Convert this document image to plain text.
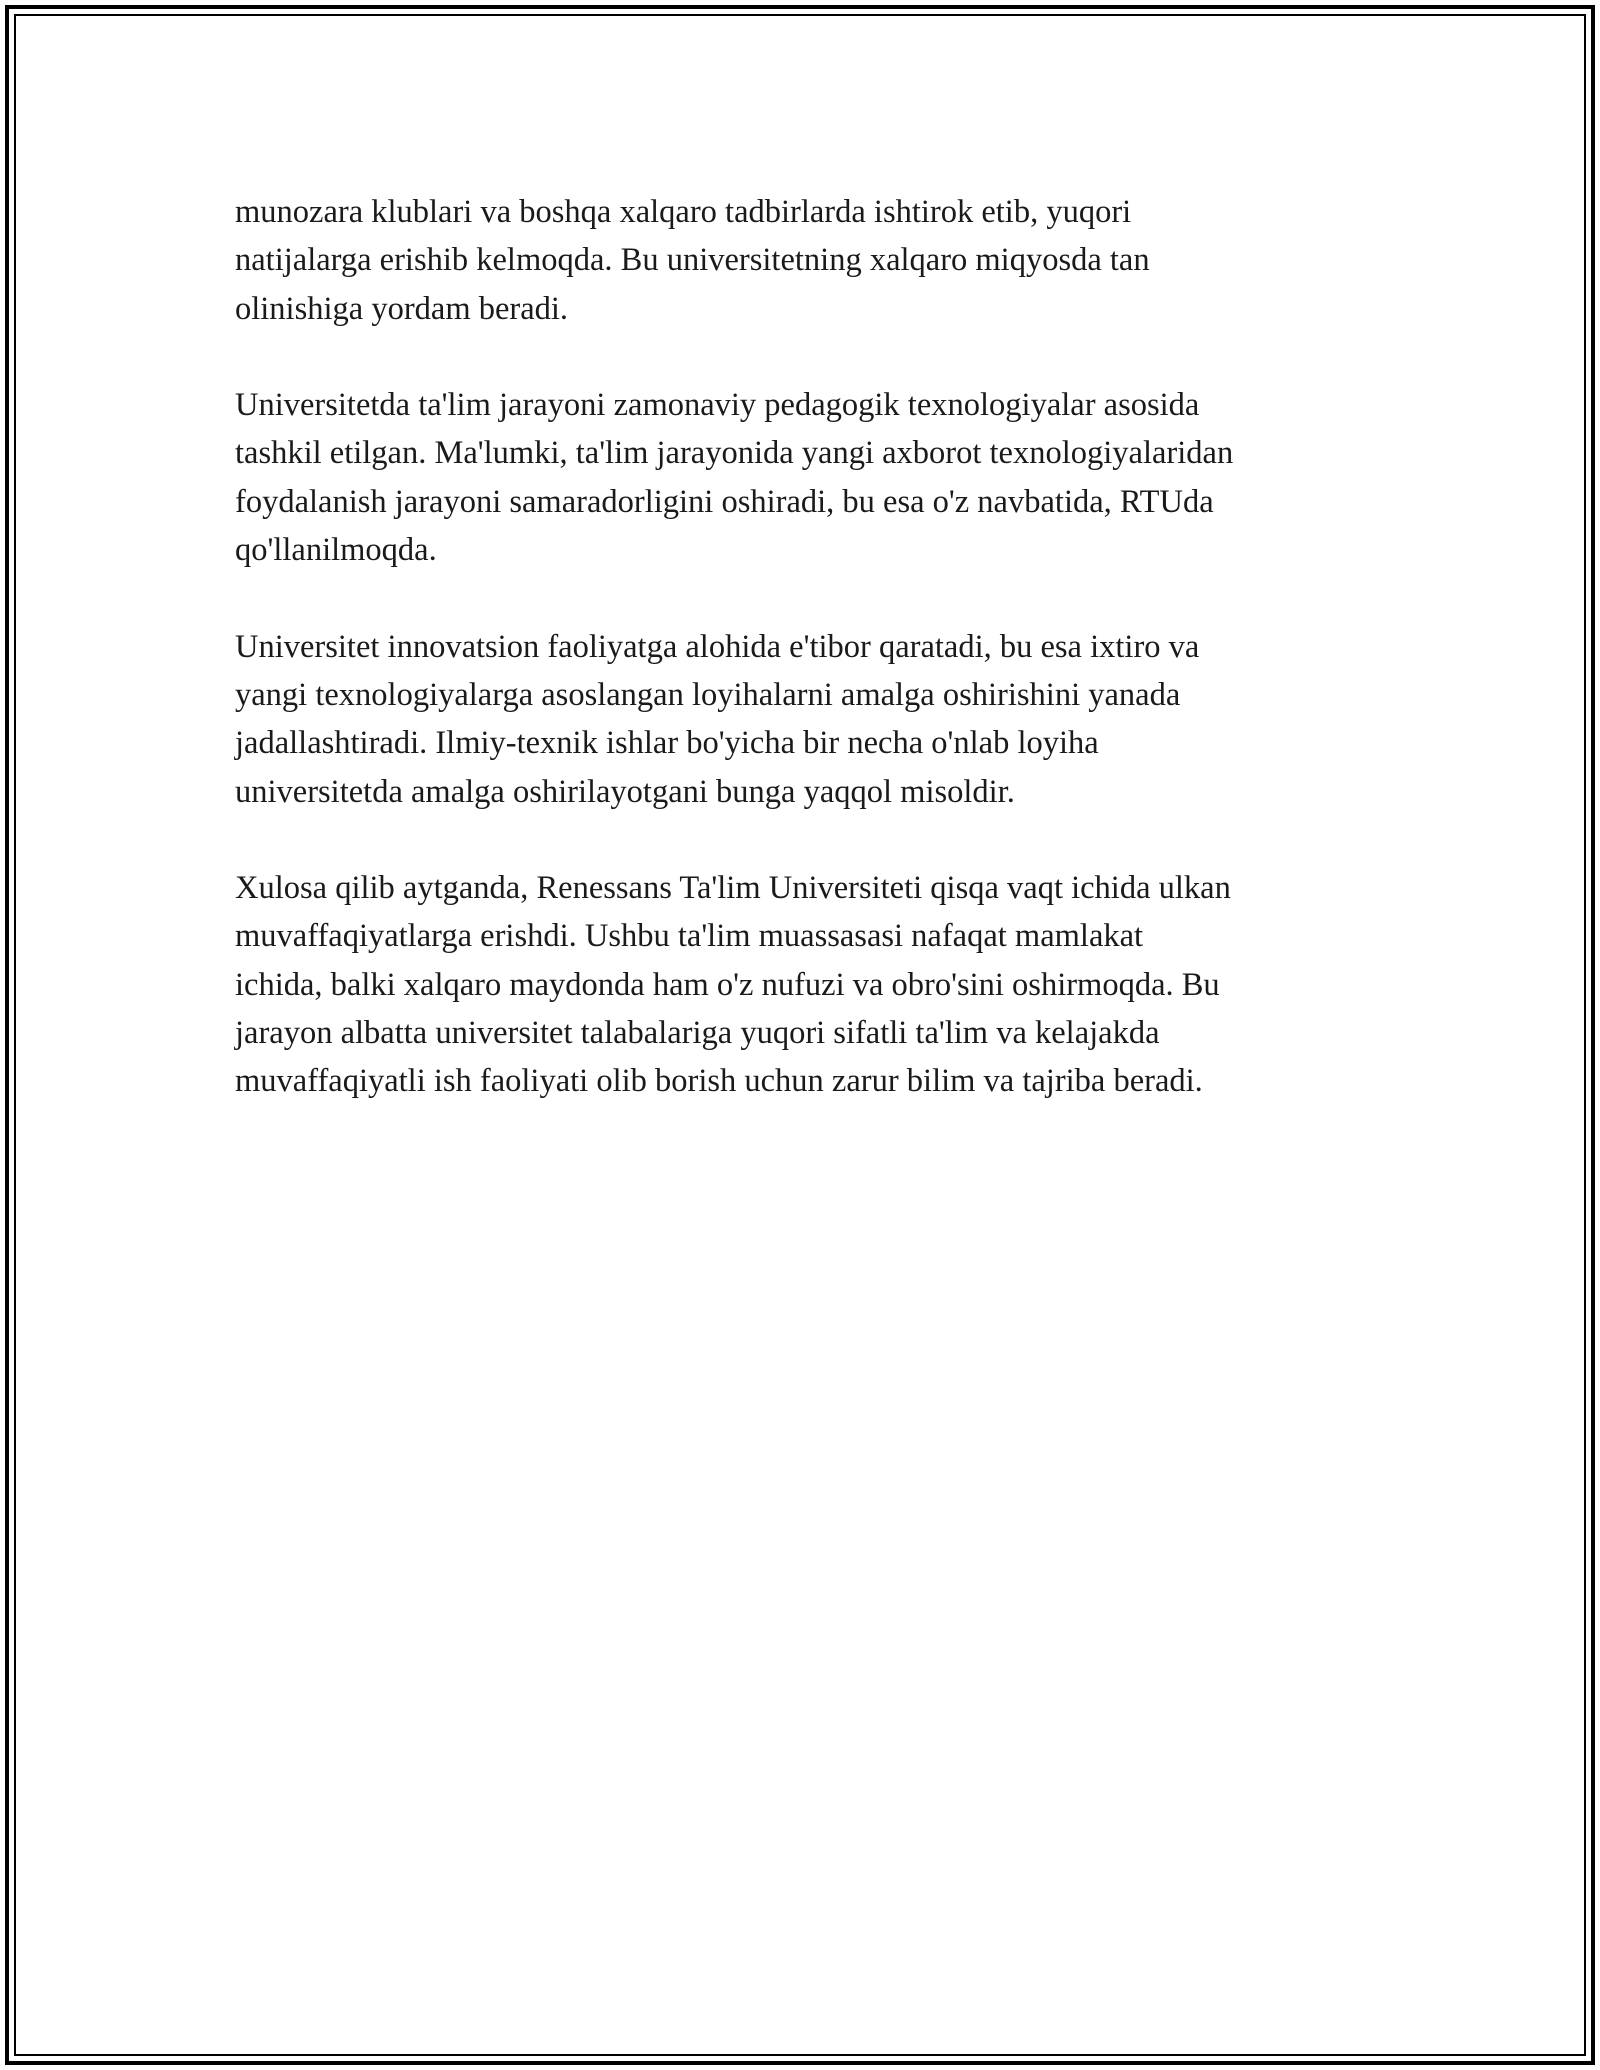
munozara klublari va boshqa xalqaro tadbirlarda ishtirok etib, yuqori
natijalarga erishib kelmoqda. Bu universitetning xalqaro miqyosda tan
olinishiga yordam beradi.

Universitetda ta'lim jarayoni zamonaviy pedagogik texnologiyalar asosida
tashkil etilgan. Ma'lumki, ta'lim jarayonida yangi axborot texnologiyalaridan
foydalanish jarayoni samaradorligini oshiradi, bu esa o'z navbatida, RTUda
qo'llanilmoqda.

Universitet innovatsion faoliyatga alohida e'tibor qaratadi, bu esa ixtiro va
yangi texnologiyalarga asoslangan loyihalarni amalga oshirishini yanada
jadallashtiradi. Ilmiy-texnik ishlar bo'yicha bir necha o'nlab loyiha
universitetda amalga oshirilayotgani bunga yaqqol misoldir.

Xulosa qilib aytganda, Renessans Ta'lim Universiteti qisqa vaqt ichida ulkan
muvaffaqiyatlarga erishdi. Ushbu ta'lim muassasasi nafaqat mamlakat
ichida, balki xalqaro maydonda ham o'z nufuzi va obro'sini oshirmoqda. Bu
jarayon albatta universitet talabalariga yuqori sifatli ta'lim va kelajakda
muvaffaqiyatli ish faoliyati olib borish uchun zarur bilim va tajriba beradi.
